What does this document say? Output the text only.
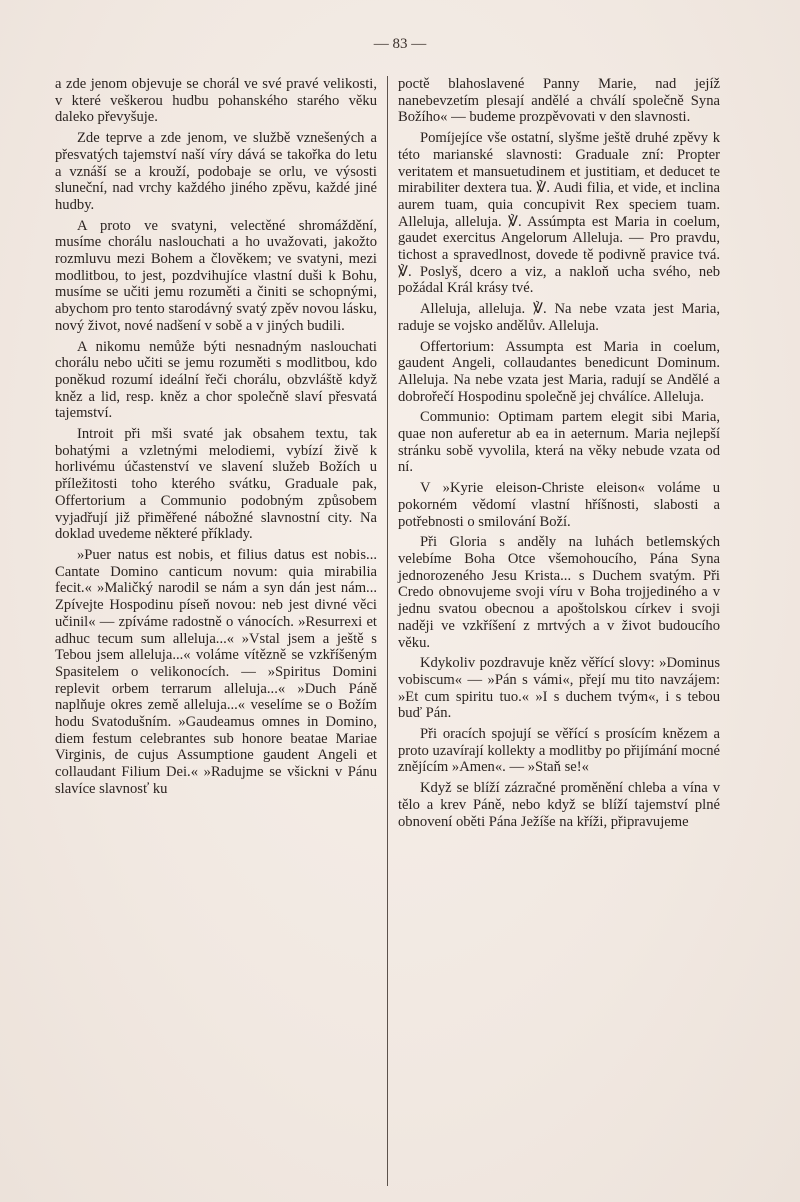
— 83 —

a zde jenom objevuje se chorál ve své pravé velikosti, v které veškerou hudbu pohanského starého věku daleko převyšuje.

Zde teprve a zde jenom, ve službě vznešených a přesvatých tajemství naší víry dává se takořka do letu a vznáší se a krouží, podobaje se orlu, ve výsosti sluneční, nad vrchy každého jiného zpěvu, každé jiné hudby.

A proto ve svatyni, velectěné shromáždění, musíme chorálu naslouchati a ho uvažovati, jakožto rozmluvu mezi Bohem a člověkem; ve svatyni, mezi modlitbou, to jest, pozdvihujíce vlastní duši k Bohu, musíme se učiti jemu rozuměti a činiti se schopnými, abychom pro tento starodávný svatý zpěv novou lásku, nový život, nové nadšení v sobě a v jiných budili.

A nikomu nemůže býti nesnadným naslouchati chorálu nebo učiti se jemu rozuměti s modlitbou, kdo poněkud rozumí ideální řeči chorálu, obzvláště když kněz a lid, resp. kněz a chor společně slaví přesvatá tajemství.

Introit při mši svaté jak obsahem textu, tak bohatými a vzletnými melodiemi, vybízí živě k horlivému účastenství ve slavení služeb Božích u příležitosti toho kterého svátku, Graduale pak, Offertorium a Communio podobným způsobem vyjadřují již přiměřené nábožné slavnostní city. Na doklad uvedeme některé příklady.

»Puer natus est nobis, et filius datus est nobis... Cantate Domino canticum novum: quia mirabilia fecit.« »Maličký narodil se nám a syn dán jest nám... Zpívejte Hospodinu píseň novou: neb jest divné věci učinil« — zpíváme radostně o vánocích. »Resurrexi et adhuc tecum sum alleluja...« »Vstal jsem a ještě s Tebou jsem alleluja...« voláme vítězně se vzkříšeným Spasitelem o velikonocích. — »Spiritus Domini replevit orbem terrarum alleluja...« »Duch Páně naplňuje okres země alleluja...« veselíme se o Božím hodu Svatodušním. »Gaudeamus omnes in Domino, diem festum celebrantes sub honore beatae Mariae Virginis, de cujus Assumptione gaudent Angeli et collaudant Filium Dei.« »Radujme se všickni v Pánu slavíce slavnosť ku

poctě blahoslavené Panny Marie, nad jejíž nanebevzetím plesají andělé a chválí společně Syna Božího« — budeme prozpěvovati v den slavnosti.

Pomíjejíce vše ostatní, slyšme ještě druhé zpěvy k této marianské slavnosti: Graduale zní: Propter veritatem et mansuetudinem et justitiam, et deducet te mirabiliter dextera tua. ℣. Audi filia, et vide, et inclina aurem tuam, quia concupivit Rex speciem tuam. Alleluja, alleluja. ℣. Assúmpta est Maria in coelum, gaudet exercitus Angelorum Alleluja. — Pro pravdu, tichost a spravedlnost, dovede tě podivně pravice tvá. ℣. Poslyš, dcero a viz, a nakloň ucha svého, neb požádal Král krásy tvé.

Alleluja, alleluja. ℣. Na nebe vzata jest Maria, raduje se vojsko andělův. Alleluja.

Offertorium: Assumpta est Maria in coelum, gaudent Angeli, collaudantes benedicunt Dominum. Alleluja. Na nebe vzata jest Maria, radují se Andělé a dobrořečí Hospodinu společně jej chválíce. Alleluja.

Communio: Optimam partem elegit sibi Maria, quae non auferetur ab ea in aeternum. Maria nejlepší stránku sobě vyvolila, která na věky nebude vzata od ní.

V »Kyrie eleison-Christe eleison« voláme u pokorném vědomí vlastní hříšnosti, slabosti a potřebnosti o smilování Boží.

Při Gloria s anděly na luhách betlemských velebíme Boha Otce všemohoucího, Pána Syna jednorozeného Jesu Krista... s Duchem svatým. Při Credo obnovujeme svoji víru v Boha trojjediného a v jednu svatou obecnou a apoštolskou církev i svoji naději ve vzkříšení z mrtvých a v život budoucího věku.

Kdykoliv pozdravuje kněz věřící slovy: »Dominus vobiscum« — »Pán s vámi«, přejí mu tito navzájem: »Et cum spiritu tuo.« »I s duchem tvým«, i s tebou buď Pán.

Při oracích spojují se věřící s prosícím knězem a proto uzavírají kollekty a modlitby po přijímání mocné znějícím »Amen«. — »Staň se!«

Když se blíží zázračné proměnění chleba a vína v tělo a krev Páně, nebo když se blíží tajemství plné obnovení oběti Pána Ježíše na kříži, připravujeme
